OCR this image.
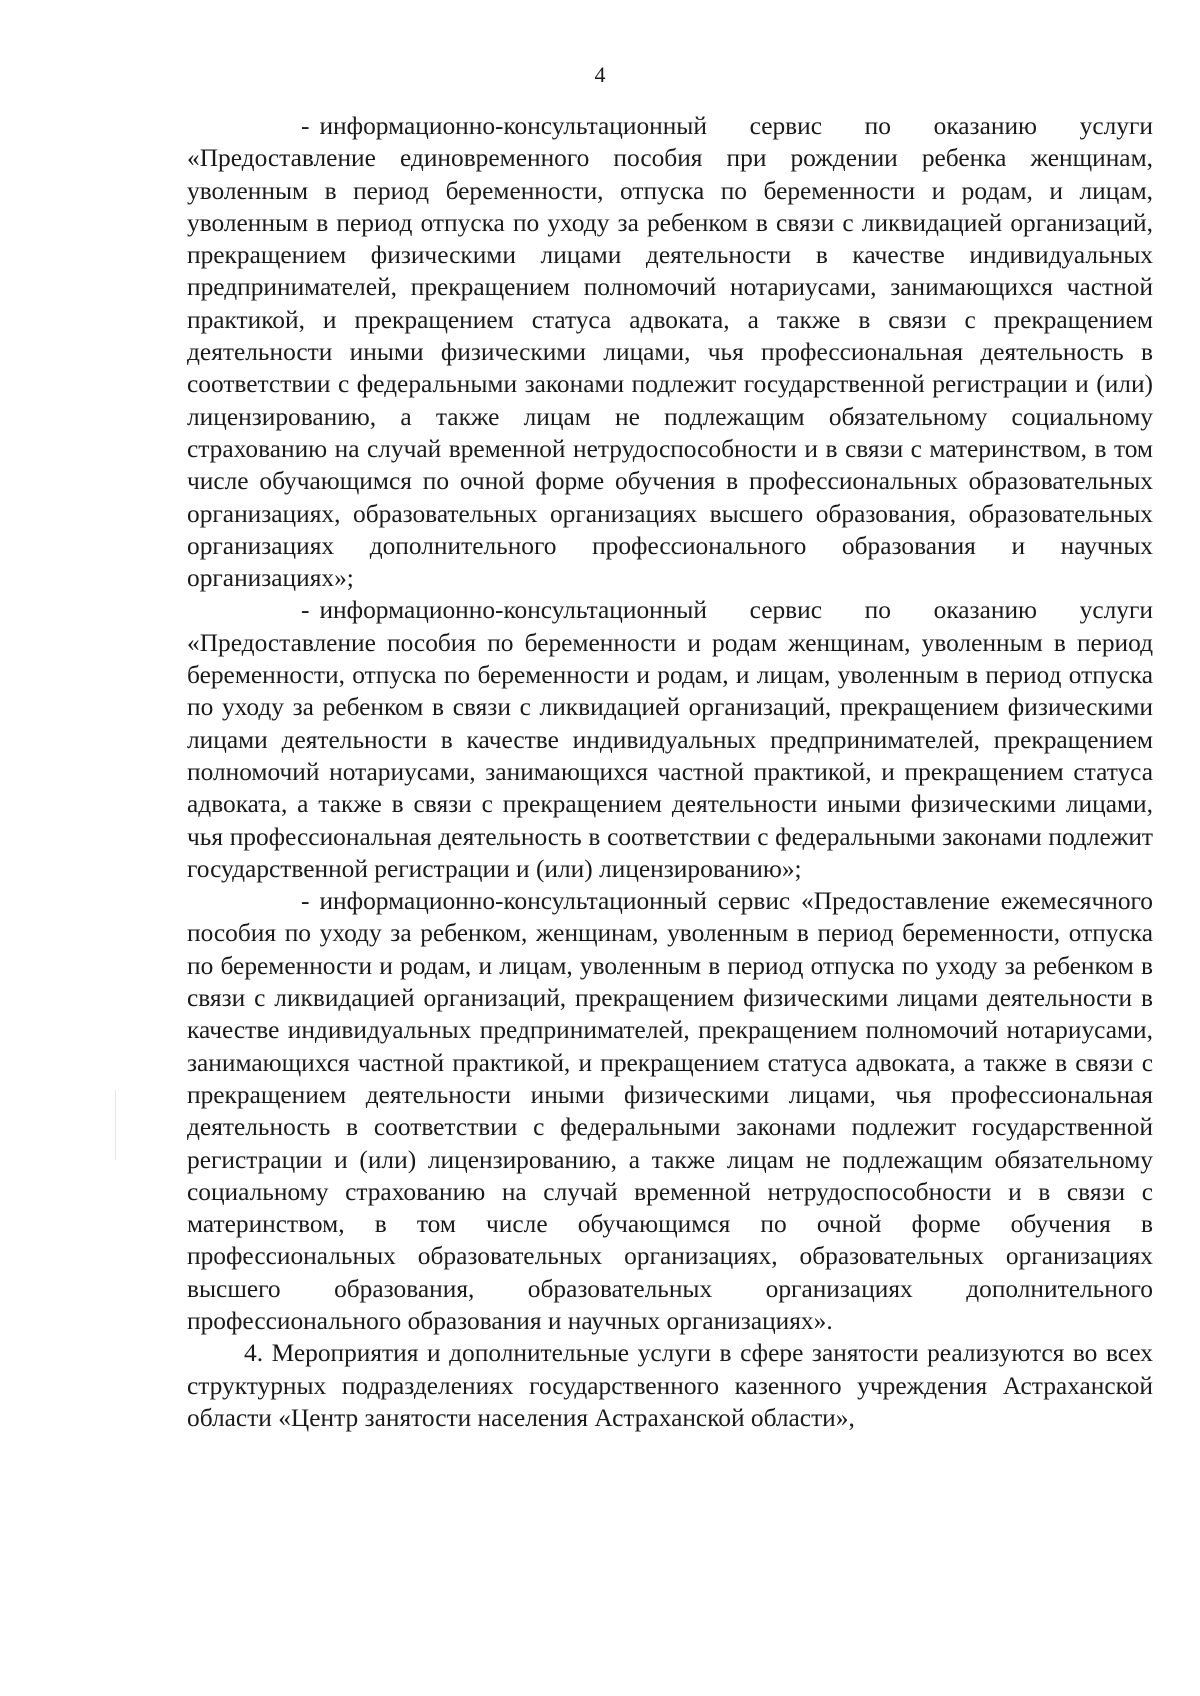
4

- информационно-консультационный сервис по оказанию услуги «Предоставление единовременного пособия при рождении ребенка женщинам, уволенным в период беременности, отпуска по беременности и родам, и лицам, уволенным в период отпуска по уходу за ребенком в связи с ликвидацией организаций, прекращением физическими лицами деятельности в качестве индивидуальных предпринимателей, прекращением полномочий нотариусами, занимающихся частной практикой, и прекращением статуса адвоката, а также в связи с прекращением деятельности иными физическими лицами, чья профессиональная деятельность в соответствии с федеральными законами подлежит государственной регистрации и (или) лицензированию, а также лицам не подлежащим обязательному социальному страхованию на случай временной нетрудоспособности и в связи с материнством, в том числе обучающимся по очной форме обучения в профессиональных образовательных организациях, образовательных организациях высшего образования, образовательных организациях дополнительного профессионального образования и научных организациях»;

- информационно-консультационный сервис по оказанию услуги «Предоставление пособия по беременности и родам женщинам, уволенным в период беременности, отпуска по беременности и родам, и лицам, уволенным в период отпуска по уходу за ребенком в связи с ликвидацией организаций, прекращением физическими лицами деятельности в качестве индивидуальных предпринимателей, прекращением полномочий нотариусами, занимающихся частной практикой, и прекращением статуса адвоката, а также в связи с прекращением деятельности иными физическими лицами, чья профессиональная деятельность в соответствии с федеральными законами подлежит государственной регистрации и (или) лицензированию»;

- информационно-консультационный сервис «Предоставление ежемесячного пособия по уходу за ребенком, женщинам, уволенным в период беременности, отпуска по беременности и родам, и лицам, уволенным в период отпуска по уходу за ребенком в связи с ликвидацией организаций, прекращением физическими лицами деятельности в качестве индивидуальных предпринимателей, прекращением полномочий нотариусами, занимающихся частной практикой, и прекращением статуса адвоката, а также в связи с прекращением деятельности иными физическими лицами, чья профессиональная деятельность в соответствии с федеральными законами подлежит государственной регистрации и (или) лицензированию, а также лицам не подлежащим обязательному социальному страхованию на случай временной нетрудоспособности и в связи с материнством, в том числе обучающимся по очной форме обучения в профессиональных образовательных организациях, образовательных организациях высшего образования, образовательных организациях дополнительного профессионального образования и научных организациях».

4. Мероприятия и дополнительные услуги в сфере занятости реализуются во всех структурных подразделениях государственного казенного учреждения Астраханской области «Центр занятости населения Астраханской области»,
